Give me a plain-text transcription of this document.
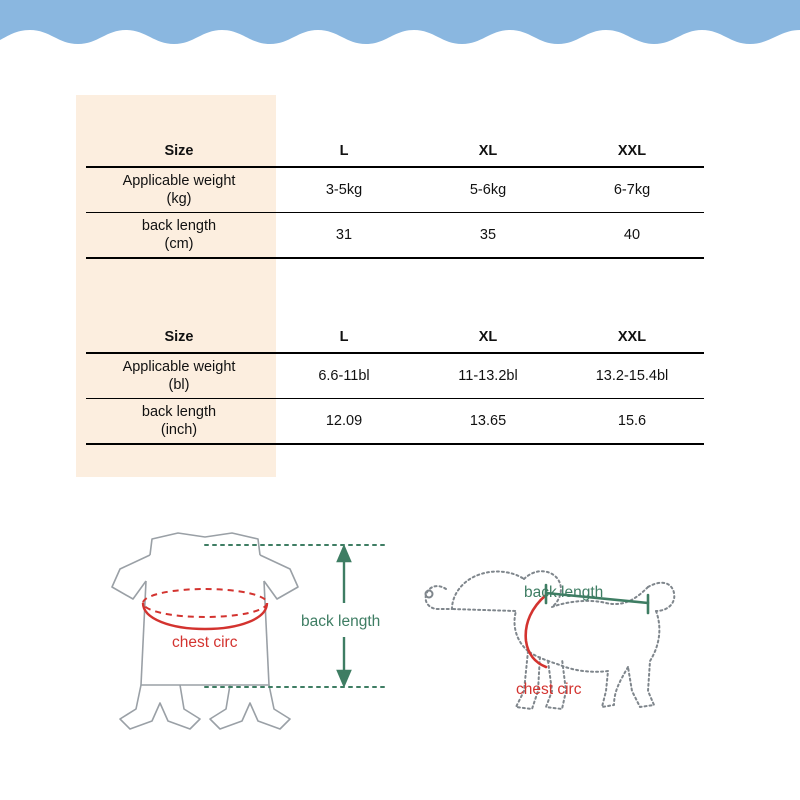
Size	L	XL	XXL
Applicable weight
(kg)	3-5kg	5-6kg	6-7kg
back length
(cm)	31	35	40
Size	L	XL	XXL
Applicable weight
(bl)	6.6-11bl	11-13.2bl	13.2-15.4bl
back length
(inch)	12.09	13.65	15.6
back length
chest circ
back length
chest circ
